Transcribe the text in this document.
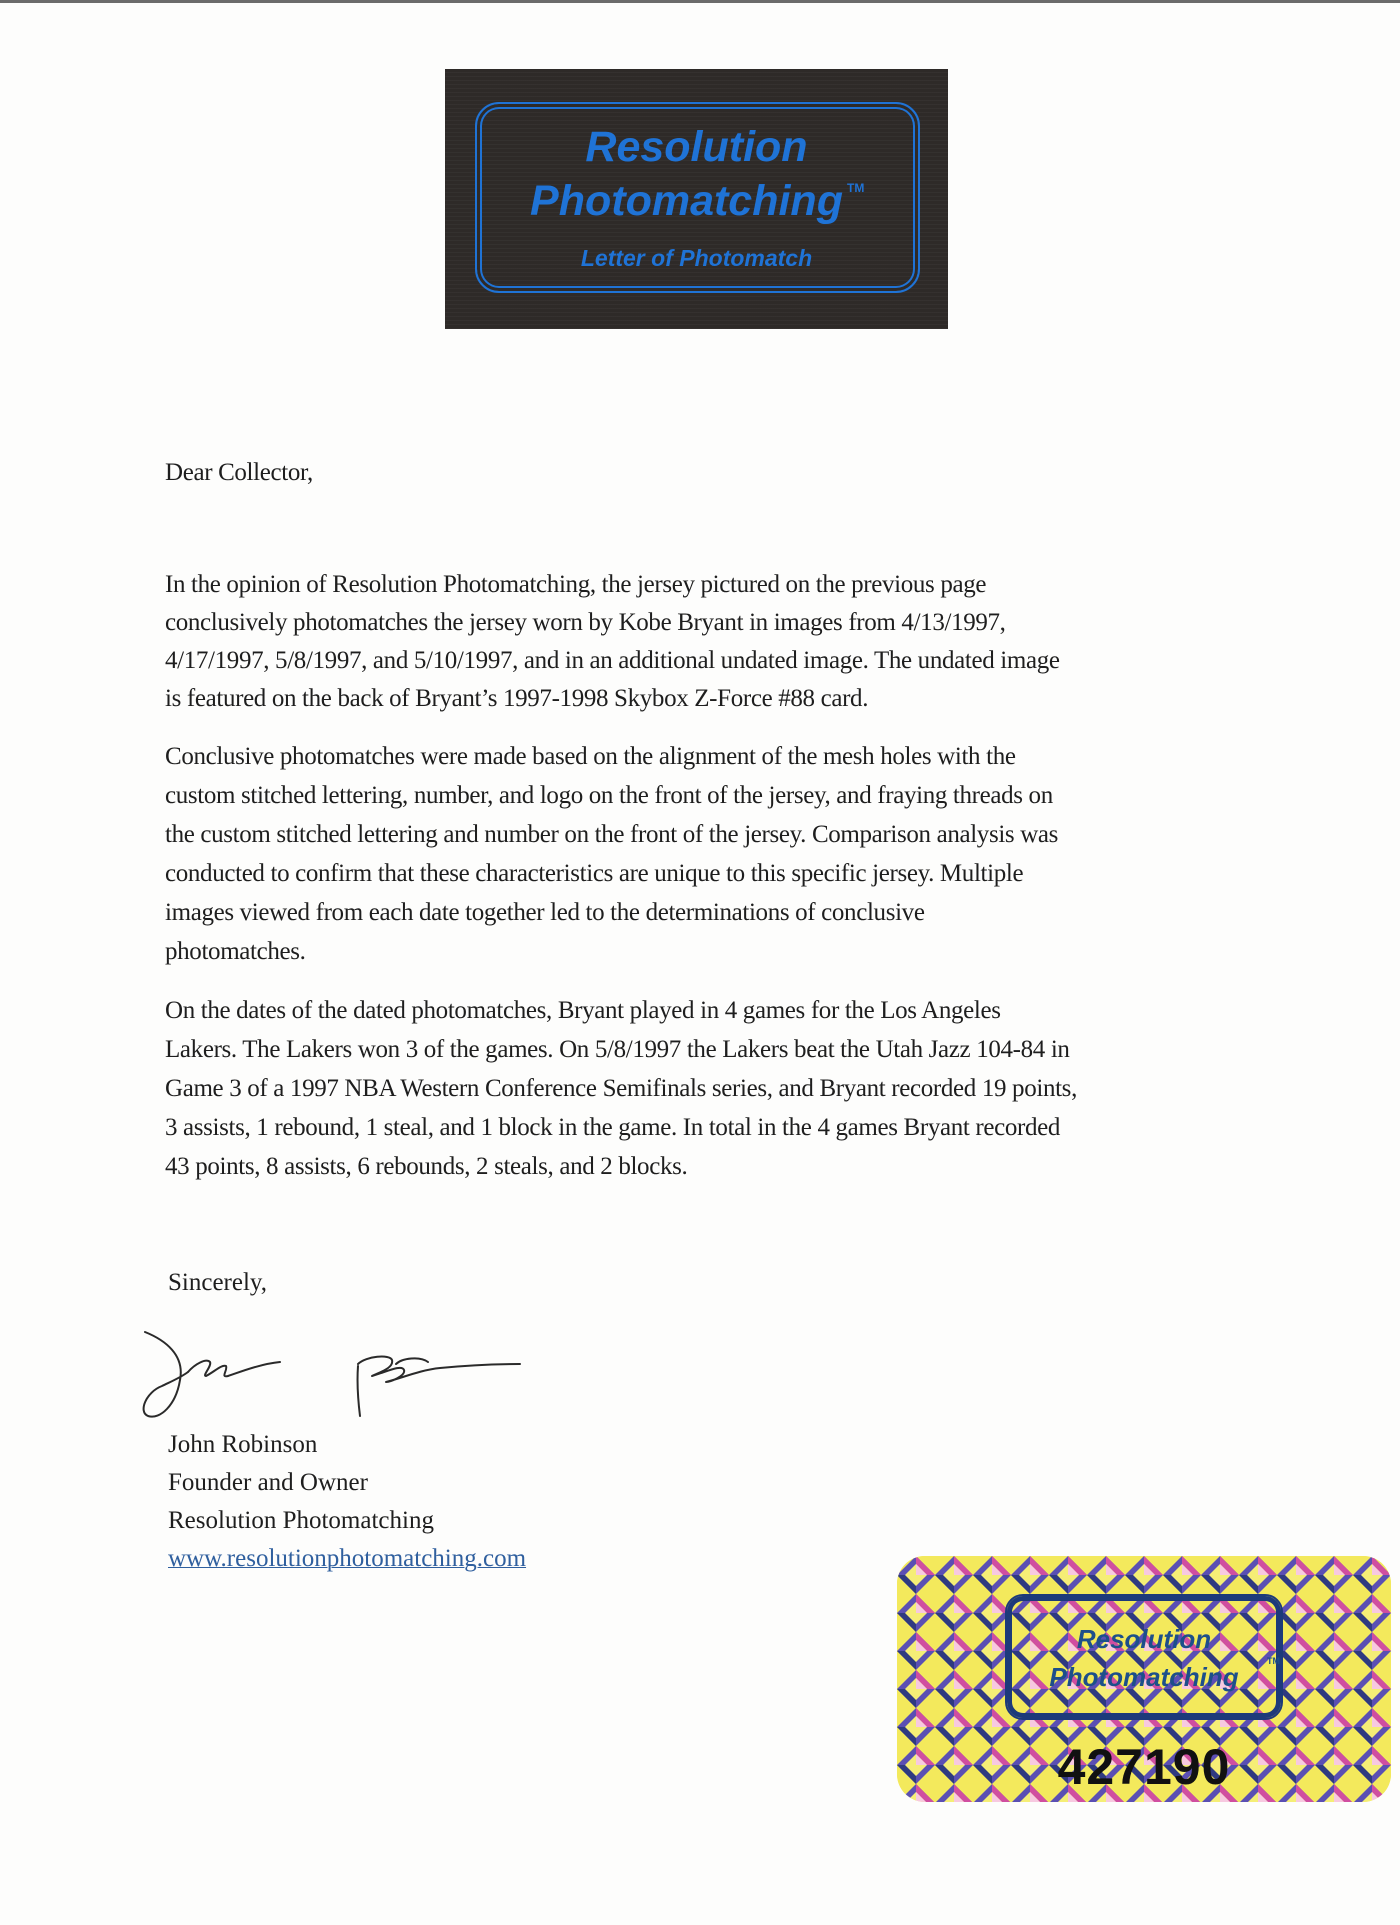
Resolution
Photomatching TM
Letter of Photomatch
Dear Collector,
In the opinion of Resolution Photomatching, the jersey pictured on the previous page
conclusively photomatches the jersey worn by Kobe Bryant in images from 4/13/1997,
4/17/1997, 5/8/1997, and 5/10/1997, and in an additional undated image. The undated image
is featured on the back of Bryant’s 1997-1998 Skybox Z-Force #88 card.
Conclusive photomatches were made based on the alignment of the mesh holes with the
custom stitched lettering, number, and logo on the front of the jersey, and fraying threads on
the custom stitched lettering and number on the front of the jersey. Comparison analysis was
conducted to confirm that these characteristics are unique to this specific jersey. Multiple
images viewed from each date together led to the determinations of conclusive
photomatches.
On the dates of the dated photomatches, Bryant played in 4 games for the Los Angeles
Lakers. The Lakers won 3 of the games. On 5/8/1997 the Lakers beat the Utah Jazz 104-84 in
Game 3 of a 1997 NBA Western Conference Semifinals series, and Bryant recorded 19 points,
3 assists, 1 rebound, 1 steal, and 1 block in the game. In total in the 4 games Bryant recorded
43 points, 8 assists, 6 rebounds, 2 steals, and 2 blocks.
Sincerely,
John Robinson
Founder and Owner
Resolution Photomatching
www.resolutionphotomatching.com
Resolution
Photomatching
TM
427190
